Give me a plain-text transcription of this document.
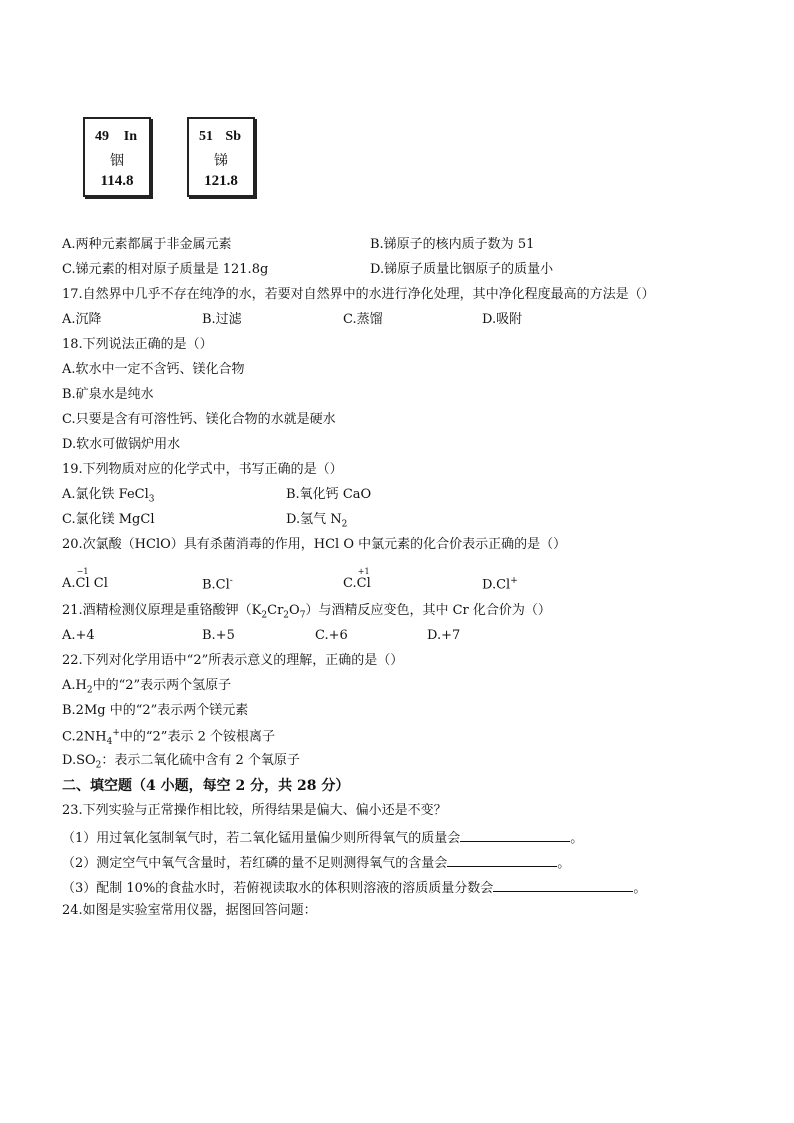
49 In
铟
114.8
51 Sb
锑
121.8
A.两种元素都属于非金属元素	B.锑原子的核内质子数为 51
C.锑元素的相对原子质量是 121.8g	D.锑原子质量比铟原子的质量小
17.自然界中几乎不存在纯净的水，若要对自然界中的水进行净化处理，其中净化程度最高的方法是（）
A.沉降	B.过滤	C.蒸馏	D.吸附
18.下列说法正确的是（）
A.软水中一定不含钙、镁化合物
B.矿泉水是纯水
C.只要是含有可溶性钙、镁化合物的水就是硬水
D.软水可做锅炉用水
19.下列物质对应的化学式中，书写正确的是（）
A.氯化铁 FeCl$_3$	B.氧化钙 CaO
C.氯化镁 MgCl	D.氢气 $N_2$
20.次氯酸（HClO）具有杀菌消毒的作用，HCl O 中氯元素的化合价表示正确的是（）
A.
−1
Cl Cl	B.Cl-	C.
+1
Cl	D.Cl+
21.酒精检测仪原理是重铬酸钾$(K_2Cr_2O_7)$与酒精反应变色，其中 Cr 化合价为（）
A.+4	B.+5	C.+6	D.+7
22.下列对化学用语中“2”所表示意义的理解，正确的是（）
$A.H_2$中的“2”表示两个氢原子
B.2Mg 中的“2”表示两个镁元素
$C.2NH_4^+$中的“2”表示 2 个铵根离子
$D.SO_2$：表示二氧化硫中含有 2 个氧原子
二、填空题（4 小题，每空 2 分，共 28 分）
23.下列实验与正常操作相比较，所得结果是偏大、偏小还是不变？
（1）用过氧化氢制氧气时，若二氧化锰用量偏少则所得氧气的质量会	。
（2）测定空气中氧气含量时，若红磷的量不足则测得氧气的含量会	。
（3）配制 10%的食盐水时，若俯视读取水的体积则溶液的溶质质量分数会	。
24.如图是实验室常用仪器，据图回答问题：
